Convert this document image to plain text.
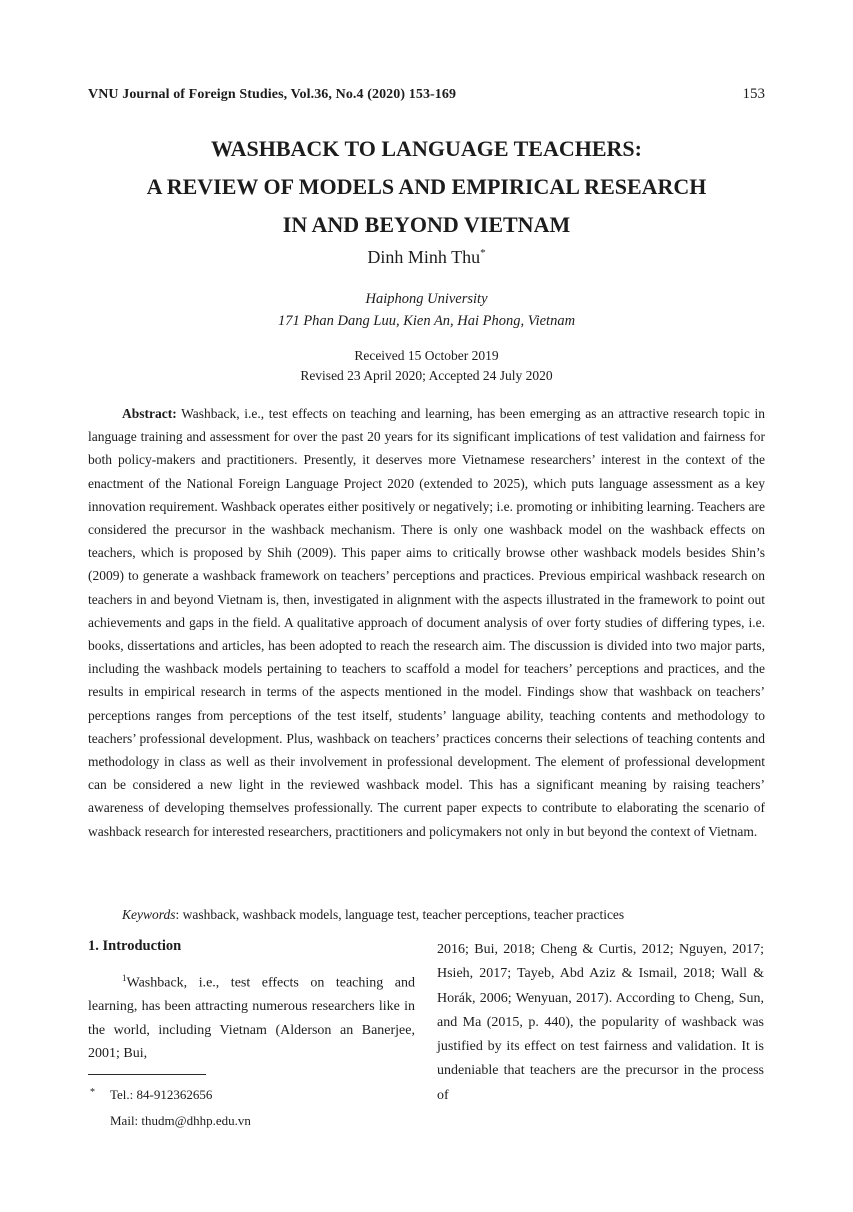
VNU Journal of Foreign Studies, Vol.36, No.4 (2020) 153-169	153
WASHBACK TO LANGUAGE TEACHERS:
A REVIEW OF MODELS AND EMPIRICAL RESEARCH
IN AND BEYOND VIETNAM
Dinh Minh Thu*
Haiphong University
171 Phan Dang Luu, Kien An, Hai Phong, Vietnam
Received 15 October 2019
Revised 23 April 2020; Accepted 24 July 2020

Abstract: Washback, i.e., test effects on teaching and learning, has been emerging as an attractive research topic in language training and assessment for over the past 20 years for its significant implications of test validation and fairness for both policy-makers and practitioners. Presently, it deserves more Vietnamese researchers’ interest in the context of the enactment of the National Foreign Language Project 2020 (extended to 2025), which puts language assessment as a key innovation requirement. Washback operates either positively or negatively; i.e. promoting or inhibiting learning. Teachers are considered the precursor in the washback mechanism. There is only one washback model on the washback effects on teachers, which is proposed by Shih (2009). This paper aims to critically browse other washback models besides Shin’s (2009) to generate a washback framework on teachers’ perceptions and practices. Previous empirical washback research on teachers in and beyond Vietnam is, then, investigated in alignment with the aspects illustrated in the framework to point out achievements and gaps in the field. A qualitative approach of document analysis of over forty studies of differing types, i.e. books, dissertations and articles, has been adopted to reach the research aim. The discussion is divided into two major parts, including the washback models pertaining to teachers to scaffold a model for teachers’ perceptions and practices, and the results in empirical research in terms of the aspects mentioned in the model. Findings show that washback on teachers’ perceptions ranges from perceptions of the test itself, students’ language ability, teaching contents and methodology to teachers’ professional development. Plus, washback on teachers’ practices concerns their selections of teaching contents and methodology in class as well as their involvement in professional development. The element of professional development can be considered a new light in the reviewed washback model. This has a significant meaning by raising teachers’ awareness of developing themselves professionally. The current paper expects to contribute to elaborating the scenario of washback research for interested researchers, practitioners and policymakers not only in but beyond the context of Vietnam.

Keywords: washback, washback models, language test, teacher perceptions, teacher practices

1. Introduction

$^1$Washback, i.e., test effects on teaching and learning, has been attracting numerous researchers like in the world, including Vietnam (Alderson an Banerjee, 2001; Bui,

2016; Bui, 2018; Cheng & Curtis, 2012; Nguyen, 2017; Hsieh, 2017; Tayeb, Abd Aziz & Ismail, 2018; Wall & Horák, 2006; Wenyuan, 2017). According to Cheng, Sun, and Ma (2015, p. 440), the popularity of washback was justified by its effect on test fairness and validation. It is undeniable that teachers are the precursor in the process of

* Tel.: 84-912362656
Mail: thudm@dhhp.edu.vn
